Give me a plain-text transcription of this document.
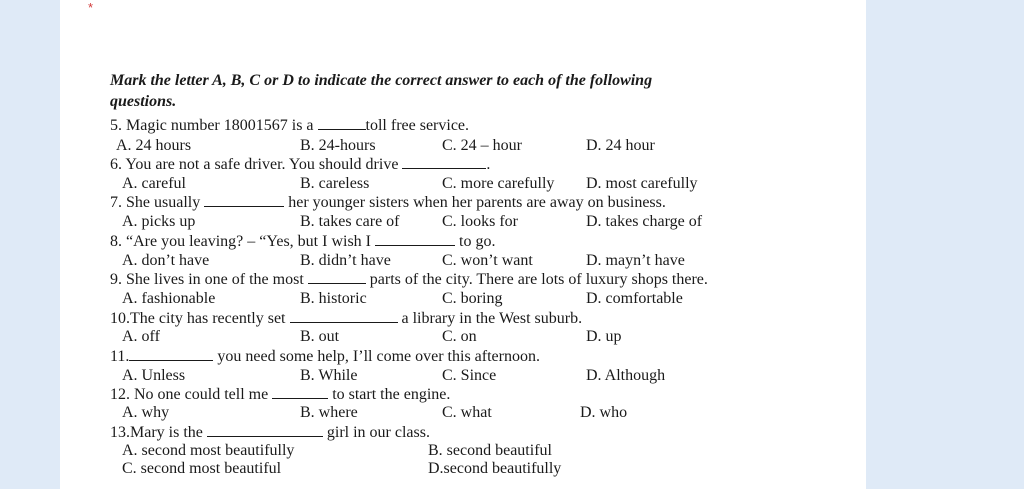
*
Mark the letter A, B, C or D to indicate the correct answer to each of the following
questions.
5. Magic number 18001567 is a	toll free service.
A. 24 hours	B. 24-hours	C. 24 – hour	D. 24 hour
6. You are not a safe driver. You should drive	.
A. careful	B. careless	C. more carefully D. most carefully
7. She usually	her younger sisters when her parents are away on business.
A. picks up	B. takes care of	C. looks for	D. takes charge of
8. “Are you leaving? – “Yes, but I wish I	to go.
A. don’t have	B. didn’t have	C. won’t want	D. mayn’t have
9. She lives in one of the most	parts of the city. There are lots of luxury shops there.
A. fashionable	B. historic	C. boring	D. comfortable
10.The city has recently set	a library in the West suburb.
A. off	B. out	C. on	D. up
11.	you need some help, I’ll come over this afternoon.
A. Unless	B. While	C. Since	D. Although
12. No one could tell me	to start the engine.
A. why	B. where	C. what	D. who
13.Mary is the	girl in our class.
A. second most beautifully	B. second beautiful
C. second most beautiful	D.second beautifully
